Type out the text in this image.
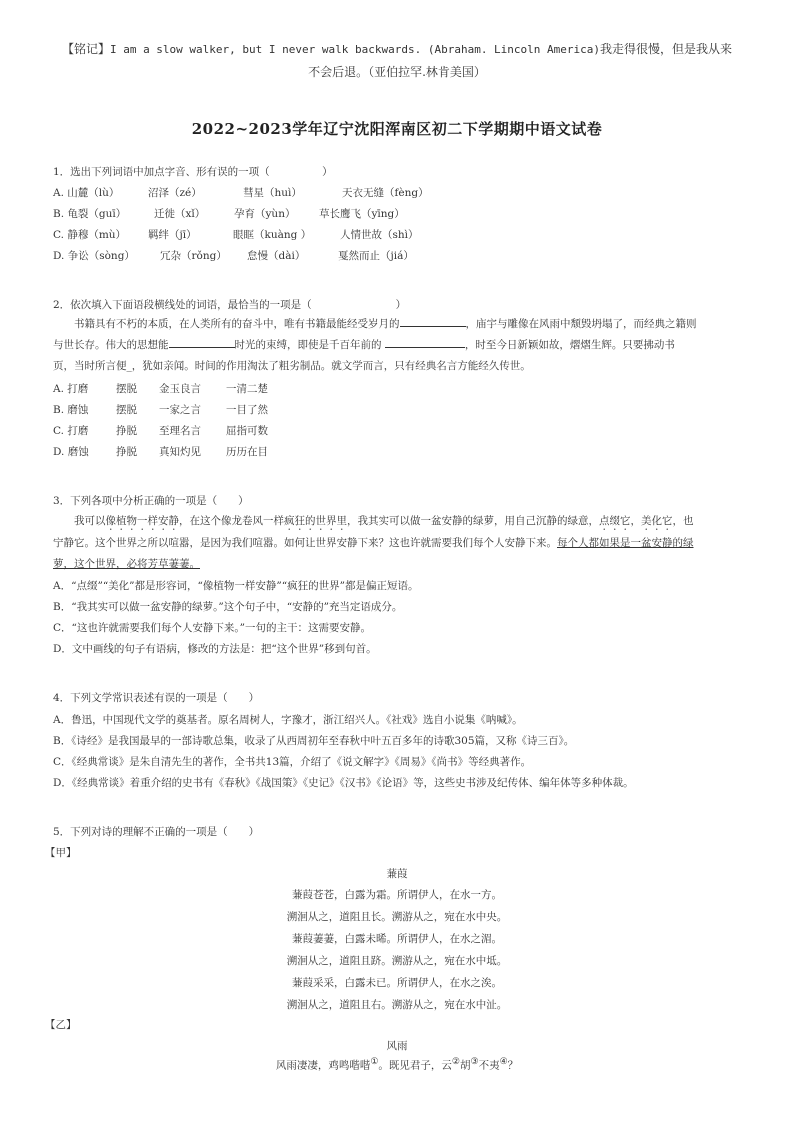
【铭记】I am a slow walker, but I never walk backwards. (Abraham. Lincoln America)我走得很慢，但是我从来
不会后退。（亚伯拉罕.林肯美国）
2022~2023学年辽宁沈阳浑南区初二下学期期中语文试卷
1．选出下列词语中加点字音、形有误的一项（　　　　　）
A. 山麓（lù）	沼泽（zé）	彗星（huì）	天衣无缝（fèng）
B. 龟裂（guī）	迁徙（xǐ）	孕育（yùn） 草长鹰飞（yīng）
C. 静穆（mù） 羁绊（jī）	眼眶（kuàng ）	人情世故（shì）
D. 争讼（sòng） 冗杂（rǒng） 怠慢（dài）	戛然而止（jiá）
2．依次填入下面语段横线处的词语，最恰当的一项是（　　　　　　　　）
书籍具有不朽的本质，在人类所有的奋斗中，唯有书籍最能经受岁月的	，庙宇与雕像在风雨中颓毁坍塌了，而经典之籍则
与世长存。伟大的思想能	时光的束缚，即使是千百年前的	，时至今日新颖如故，熠熠生辉。只要拂动书
页，当时所言便_，犹如亲闻。时间的作用淘汰了粗劣制品。就文学而言，只有经典名言方能经久传世。
A. 打磨	摆脱 金玉良言 一清二楚
B. 磨蚀	摆脱 一家之言 一目了然
C. 打磨	挣脱 至理名言 屈指可数
D. 磨蚀	挣脱 真知灼见 历历在目
3．下列各项中分析正确的一项是（　　）
我可以像植物一样安静，在这个像龙卷风一样疯狂的世界里，我其实可以做一盆安静的绿萝，用自己沉静的绿意，点缀它，美化它，也
宁静它。这个世界之所以喧嚣，是因为我们喧嚣。如何让世界安静下来？这也许就需要我们每个人安静下来。每个人都如果是一盆安静的绿
萝，这个世界，必将芳草萋萋。
A．“点缀”“美化”都是形容词，“像植物一样安静”“疯狂的世界”都是偏正短语。
B．“我其实可以做一盆安静的绿萝。”这个句子中，“安静的”充当定语成分。
C．“这也许就需要我们每个人安静下来。”一句的主干：这需要安静。
D．文中画线的句子有语病，修改的方法是：把“这个世界”移到句首。
4．下列文学常识表述有误的一项是（　　）
A．鲁迅，中国现代文学的奠基者。原名周树人，字豫才，浙江绍兴人。《社戏》选自小说集《呐喊》。
B．《诗经》是我国最早的一部诗歌总集，收录了从西周初年至春秋中叶五百多年的诗歌305篇，又称《诗三百》。
C．《经典常谈》是朱自清先生的著作，全书共13篇，介绍了《说文解字》《周易》《尚书》等经典著作。
D．《经典常谈》着重介绍的史书有《春秋》《战国策》《史记》《汉书》《论语》等，这些史书涉及纪传体、编年体等多种体裁。
5．下列对诗的理解不正确的一项是（　　）
【甲】
蒹葭
蒹葭苍苍，白露为霜。所谓伊人，在水一方。
溯洄从之，道阻且长。溯游从之，宛在水中央。
蒹葭萋萋，白露未晞。所谓伊人，在水之湄。
溯洄从之，道阻且跻。溯游从之，宛在水中坻。
蒹葭采采，白露未已。所谓伊人，在水之涘。
溯洄从之，道阻且右。溯游从之，宛在水中沚。
【乙】
风雨
风雨凄凄，鸡鸣喈喈①。既见君子，云②胡③不夷④？
